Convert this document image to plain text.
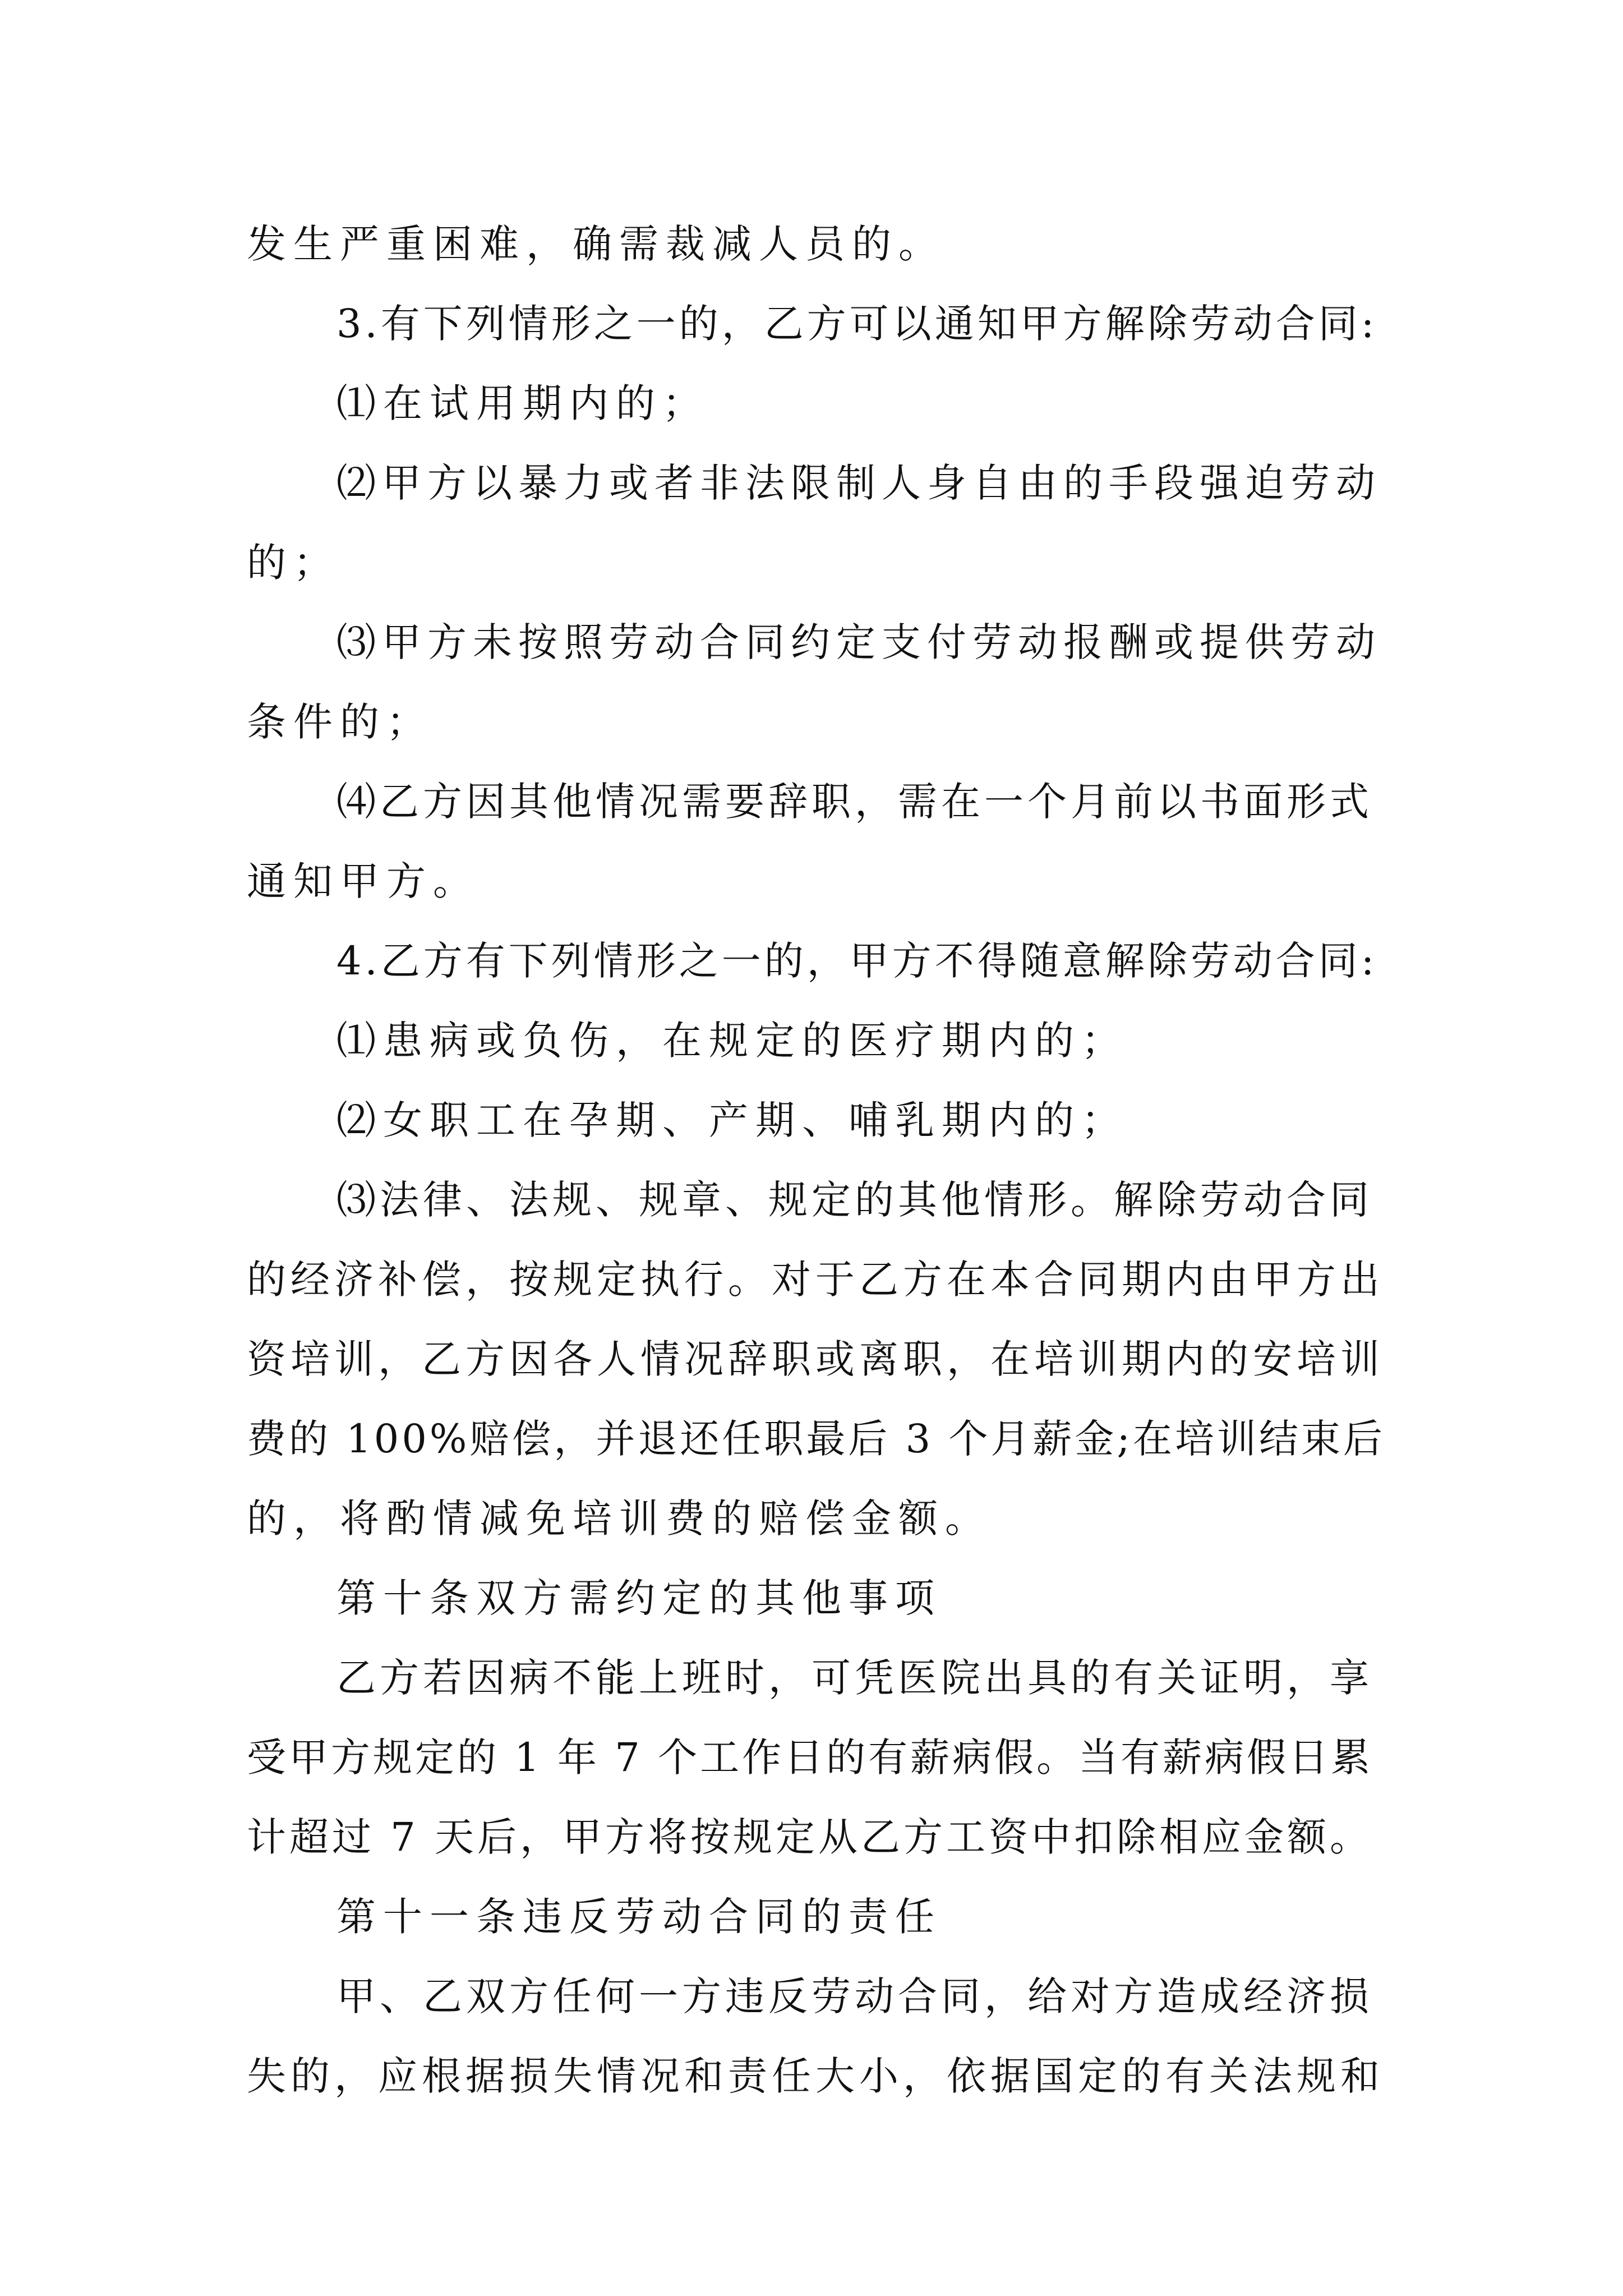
发生严重困难，确需裁减人员的。
3.有下列情形之一的，乙方可以通知甲方解除劳动合同:
⑴在试用期内的；
⑵甲方以暴力或者非法限制人身自由的手段强迫劳动
的；
⑶甲方未按照劳动合同约定支付劳动报酬或提供劳动
条件的；
⑷乙方因其他情况需要辞职，需在一个月前以书面形式
通知甲方。
4.乙方有下列情形之一的，甲方不得随意解除劳动合同:
⑴患病或负伤，在规定的医疗期内的；
⑵女职工在孕期、产期、哺乳期内的；
⑶法律、法规、规章、规定的其他情形。解除劳动合同
的经济补偿，按规定执行。对于乙方在本合同期内由甲方出
资培训，乙方因各人情况辞职或离职，在培训期内的安培训
费的 100%赔偿，并退还任职最后 3 个月薪金;在培训结束后
的，将酌情减免培训费的赔偿金额。
第十条双方需约定的其他事项
乙方若因病不能上班时，可凭医院出具的有关证明，享
受甲方规定的 1 年 7 个工作日的有薪病假。当有薪病假日累
计超过 7 天后，甲方将按规定从乙方工资中扣除相应金额。
第十一条违反劳动合同的责任
甲、乙双方任何一方违反劳动合同，给对方造成经济损
失的，应根据损失情况和责任大小，依据国定的有关法规和
